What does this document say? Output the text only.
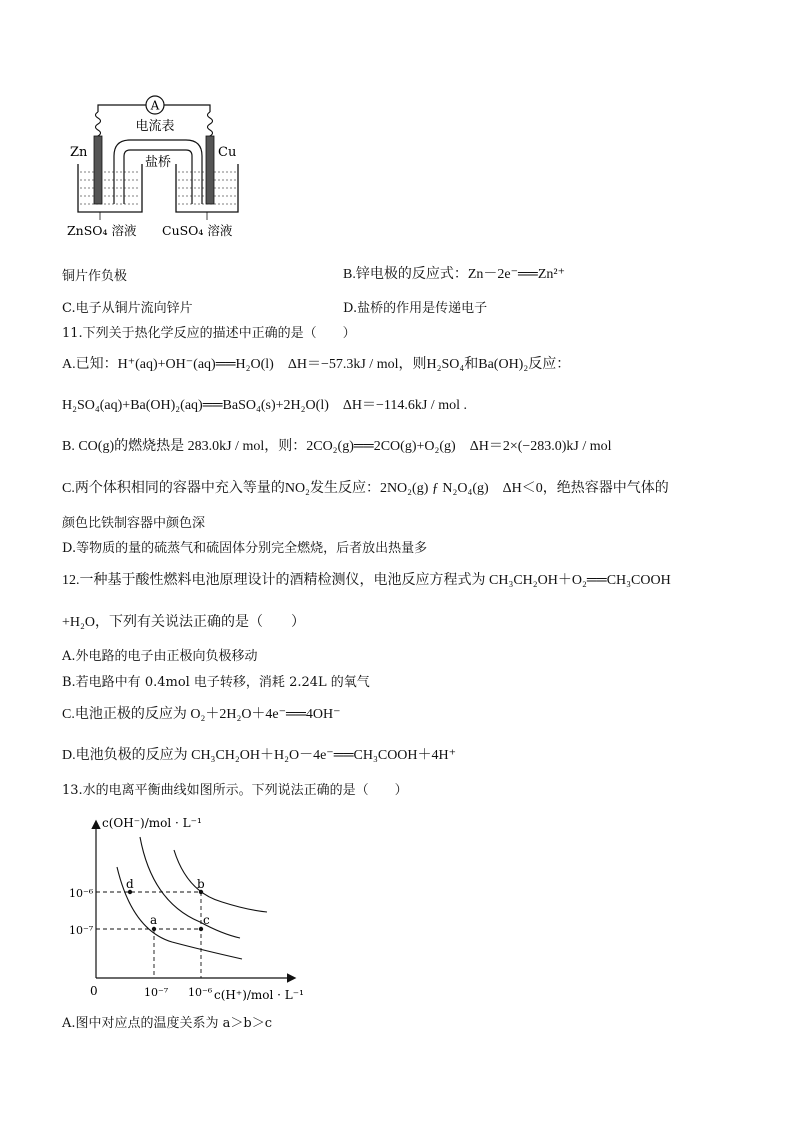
A
电流表
盐桥
Zn	Cu
ZnSO₄ 溶液 CuSO₄ 溶液
铜片作负极	B.锌电极的反应式：Zn－2e⁻══Zn²⁺
C.电子从铜片流向锌片	D.盐桥的作用是传递电子
11.下列关于热化学反应的描述中正确的是（　　）
A.已知：H⁺(aq)+OH⁻(aq)══H₂O(l)　ΔH＝−57.3kJ / mol，则H₂SO₄和Ba(OH)₂反应：
H₂SO₄(aq)+Ba(OH)₂(aq)══BaSO₄(s)+2H₂O(l)　ΔH＝−114.6kJ / mol .
B. CO(g)的燃烧热是 283.0kJ / mol，则：2CO₂(g)══2CO(g)+O₂(g)　ΔH＝2×(−283.0)kJ / mol
C.两个体积相同的容器中充入等量的NO₂发生反应：2NO₂(g) ƒ N₂O₄(g)　ΔH＜0，绝热容器中气体的
颜色比铁制容器中颜色深
D.等物质的量的硫蒸气和硫固体分别完全燃烧，后者放出热量多
12.一种基于酸性燃料电池原理设计的酒精检测仪，电池反应方程式为 CH₃CH₂OH＋O₂══CH₃COOH
+H₂O，下列有关说法正确的是（　　）
A.外电路的电子由正极向负极移动
B.若电路中有 0.4mol 电子转移，消耗 2.24L 的氧气
C.电池正极的反应为 O₂＋2H₂O＋4e⁻══4OH⁻
D.电池负极的反应为 CH₃CH₂OH＋H₂O－4e⁻══CH₃COOH＋4H⁺
13.水的电离平衡曲线如图所示。下列说法正确的是（　　）
c(OH⁻)/mol · L⁻¹
c(H⁺)/mol · L⁻¹
0
10⁻⁶
10⁻⁷
10⁻⁷ 10⁻⁶
a
b
c
d
A.图中对应点的温度关系为 a＞b＞c
